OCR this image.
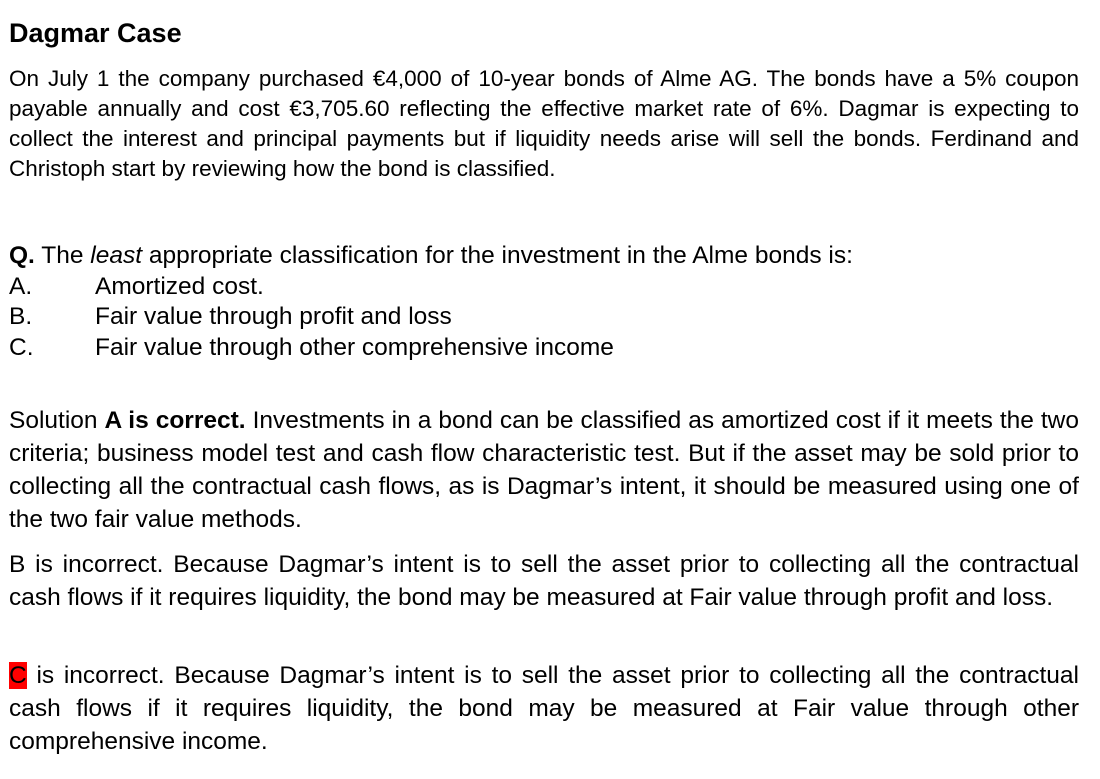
Dagmar Case

On July 1 the company purchased €4,000 of 10-year bonds of Alme AG. The bonds have a 5% coupon payable annually and cost €3,705.60 reflecting the effective market rate of 6%. Dagmar is expecting to collect the interest and principal payments but if liquidity needs arise will sell the bonds. Ferdinand and Christoph start by reviewing how the bond is classified.

Q. The least appropriate classification for the investment in the Alme bonds is:
A.	Amortized cost.
B.	Fair value through profit and loss
C.	Fair value through other comprehensive income

Solution A is correct. Investments in a bond can be classified as amortized cost if it meets the two criteria; business model test and cash flow characteristic test. But if the asset may be sold prior to collecting all the contractual cash flows, as is Dagmar’s intent, it should be measured using one of the two fair value methods.

B is incorrect. Because Dagmar’s intent is to sell the asset prior to collecting all the contractual cash flows if it requires liquidity, the bond may be measured at Fair value through profit and loss.

C is incorrect. Because Dagmar’s intent is to sell the asset prior to collecting all the contractual cash flows if it requires liquidity, the bond may be measured at Fair value through other comprehensive income.
